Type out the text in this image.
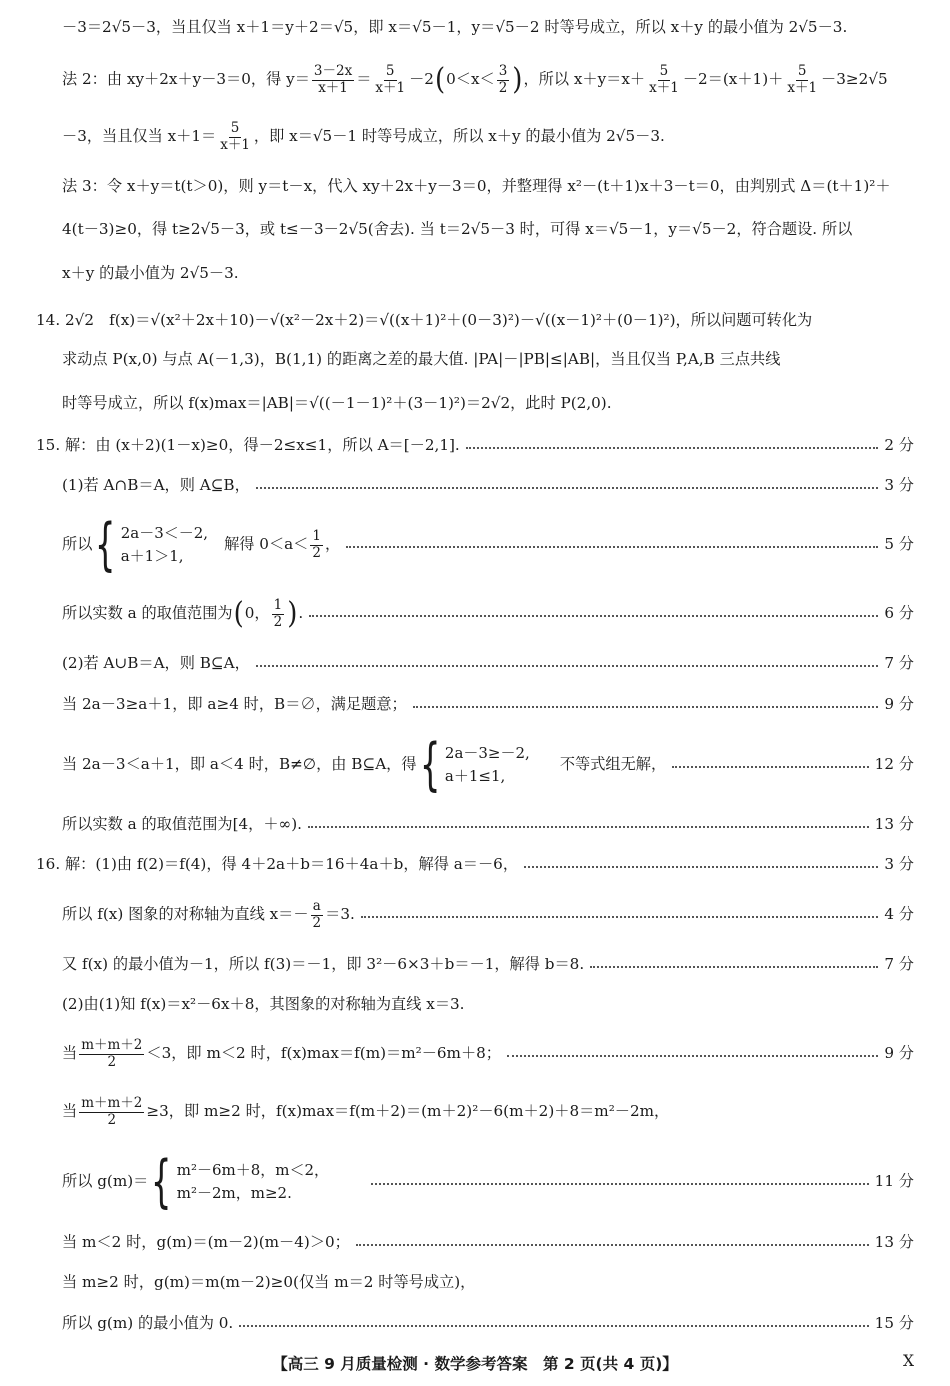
－3＝2√5－3，当且仅当 x＋1＝y＋2＝√5，即 x＝√5－1，y＝√5－2 时等号成立，所以 x＋y 的最小值为 2√5－3.
法 2：由 xy＋2x＋y－3＝0，得 $y= \frac{3-2x}{x+1} = \frac{5}{x+1} -2$ ( $0<x< \frac{3}{2}$ ) ，所以 $x+y=x+ \frac{5}{x+1} -2=(x+1)+ \frac{5}{x+1} -3\ge 2√5$
－3，当且仅当 $x+1= \frac{5}{x+1}$ ，即 x＝√5－1 时等号成立，所以 x＋y 的最小值为 2√5－3.
法 3：令 x＋y＝t(t＞0)，则 y＝t－x，代入 xy＋2x＋y－3＝0，并整理得 x²－(t＋1)x＋3－t＝0，由判别式 Δ＝(t＋1)²＋
4(t－3)≥0，得 t≥2√5－3，或 t≤－3－2√5(舍去). 当 t＝2√5－3 时，可得 x＝√5－1，y＝√5－2，符合题设. 所以
x＋y 的最小值为 2√5－3.
14. 2√2　f(x)＝√(x²＋2x＋10)－√(x²－2x＋2)＝√((x＋1)²＋(0－3)²)－√((x－1)²＋(0－1)²)，所以问题可转化为
求动点 P(x,0) 与点 A(－1,3)，B(1,1) 的距离之差的最大值. |PA|－|PB|≤|AB|，当且仅当 P,A,B 三点共线
时等号成立，所以 f(x)max＝|AB|＝√((－1－1)²＋(3－1)²)＝2√2，此时 P(2,0).
15. 解：由 (x＋2)(1－x)≥0，得－2≤x≤1，所以 A＝[－2,1].	2 分
(1)若 A∩B＝A，则 A⊆B，	3 分
所以 { 2a－3＜－2,
a＋1＞1,
解得 $0<a< \frac{1}{2}$ ，	5 分
所以实数 a 的取值范围为 ( 0， $\frac{1}{2}$ ) .	6 分
(2)若 A∪B＝A，则 B⊆A，	7 分
当 2a－3≥a＋1，即 a≥4 时，B＝∅，满足题意；	9 分
当 2a－3＜a＋1，即 a＜4 时，B≠∅，由 B⊆A，得 { 2a－3≥－2,
a＋1≤1,
不等式组无解，	12 分
所以实数 a 的取值范围为[4，＋∞).	13 分
16. 解：(1)由 f(2)＝f(4)，得 4＋2a＋b＝16＋4a＋b，解得 a＝－6，	3 分
所以 f(x) 图象的对称轴为直线 $x=- \frac{a}{2} =3$.	4 分
又 f(x) 的最小值为－1，所以 f(3)＝－1，即 3²－6×3＋b＝－1，解得 b＝8.	7 分
(2)由(1)知 f(x)＝x²－6x＋8，其图象的对称轴为直线 x＝3.
当 $\frac{m+m+2}{2} <3$，即 m＜2 时，f(x)max＝f(m)＝m²－6m＋8；	9 分
当 $\frac{m+m+2}{2} \ge 3$，即 m≥2 时，f(x)max＝f(m＋2)＝(m＋2)²－6(m＋2)＋8＝m²－2m，
所以 g(m)＝ { m²－6m＋8，m＜2，
m²－2m，m≥2.
11 分
当 m＜2 时，g(m)＝(m－2)(m－4)＞0；	13 分
当 m≥2 时，g(m)＝m(m－2)≥0(仅当 m＝2 时等号成立)，
所以 g(m) 的最小值为 0.	15 分
【高三 9 月质量检测 · 数学参考答案　第 2 页(共 4 页)】	X
